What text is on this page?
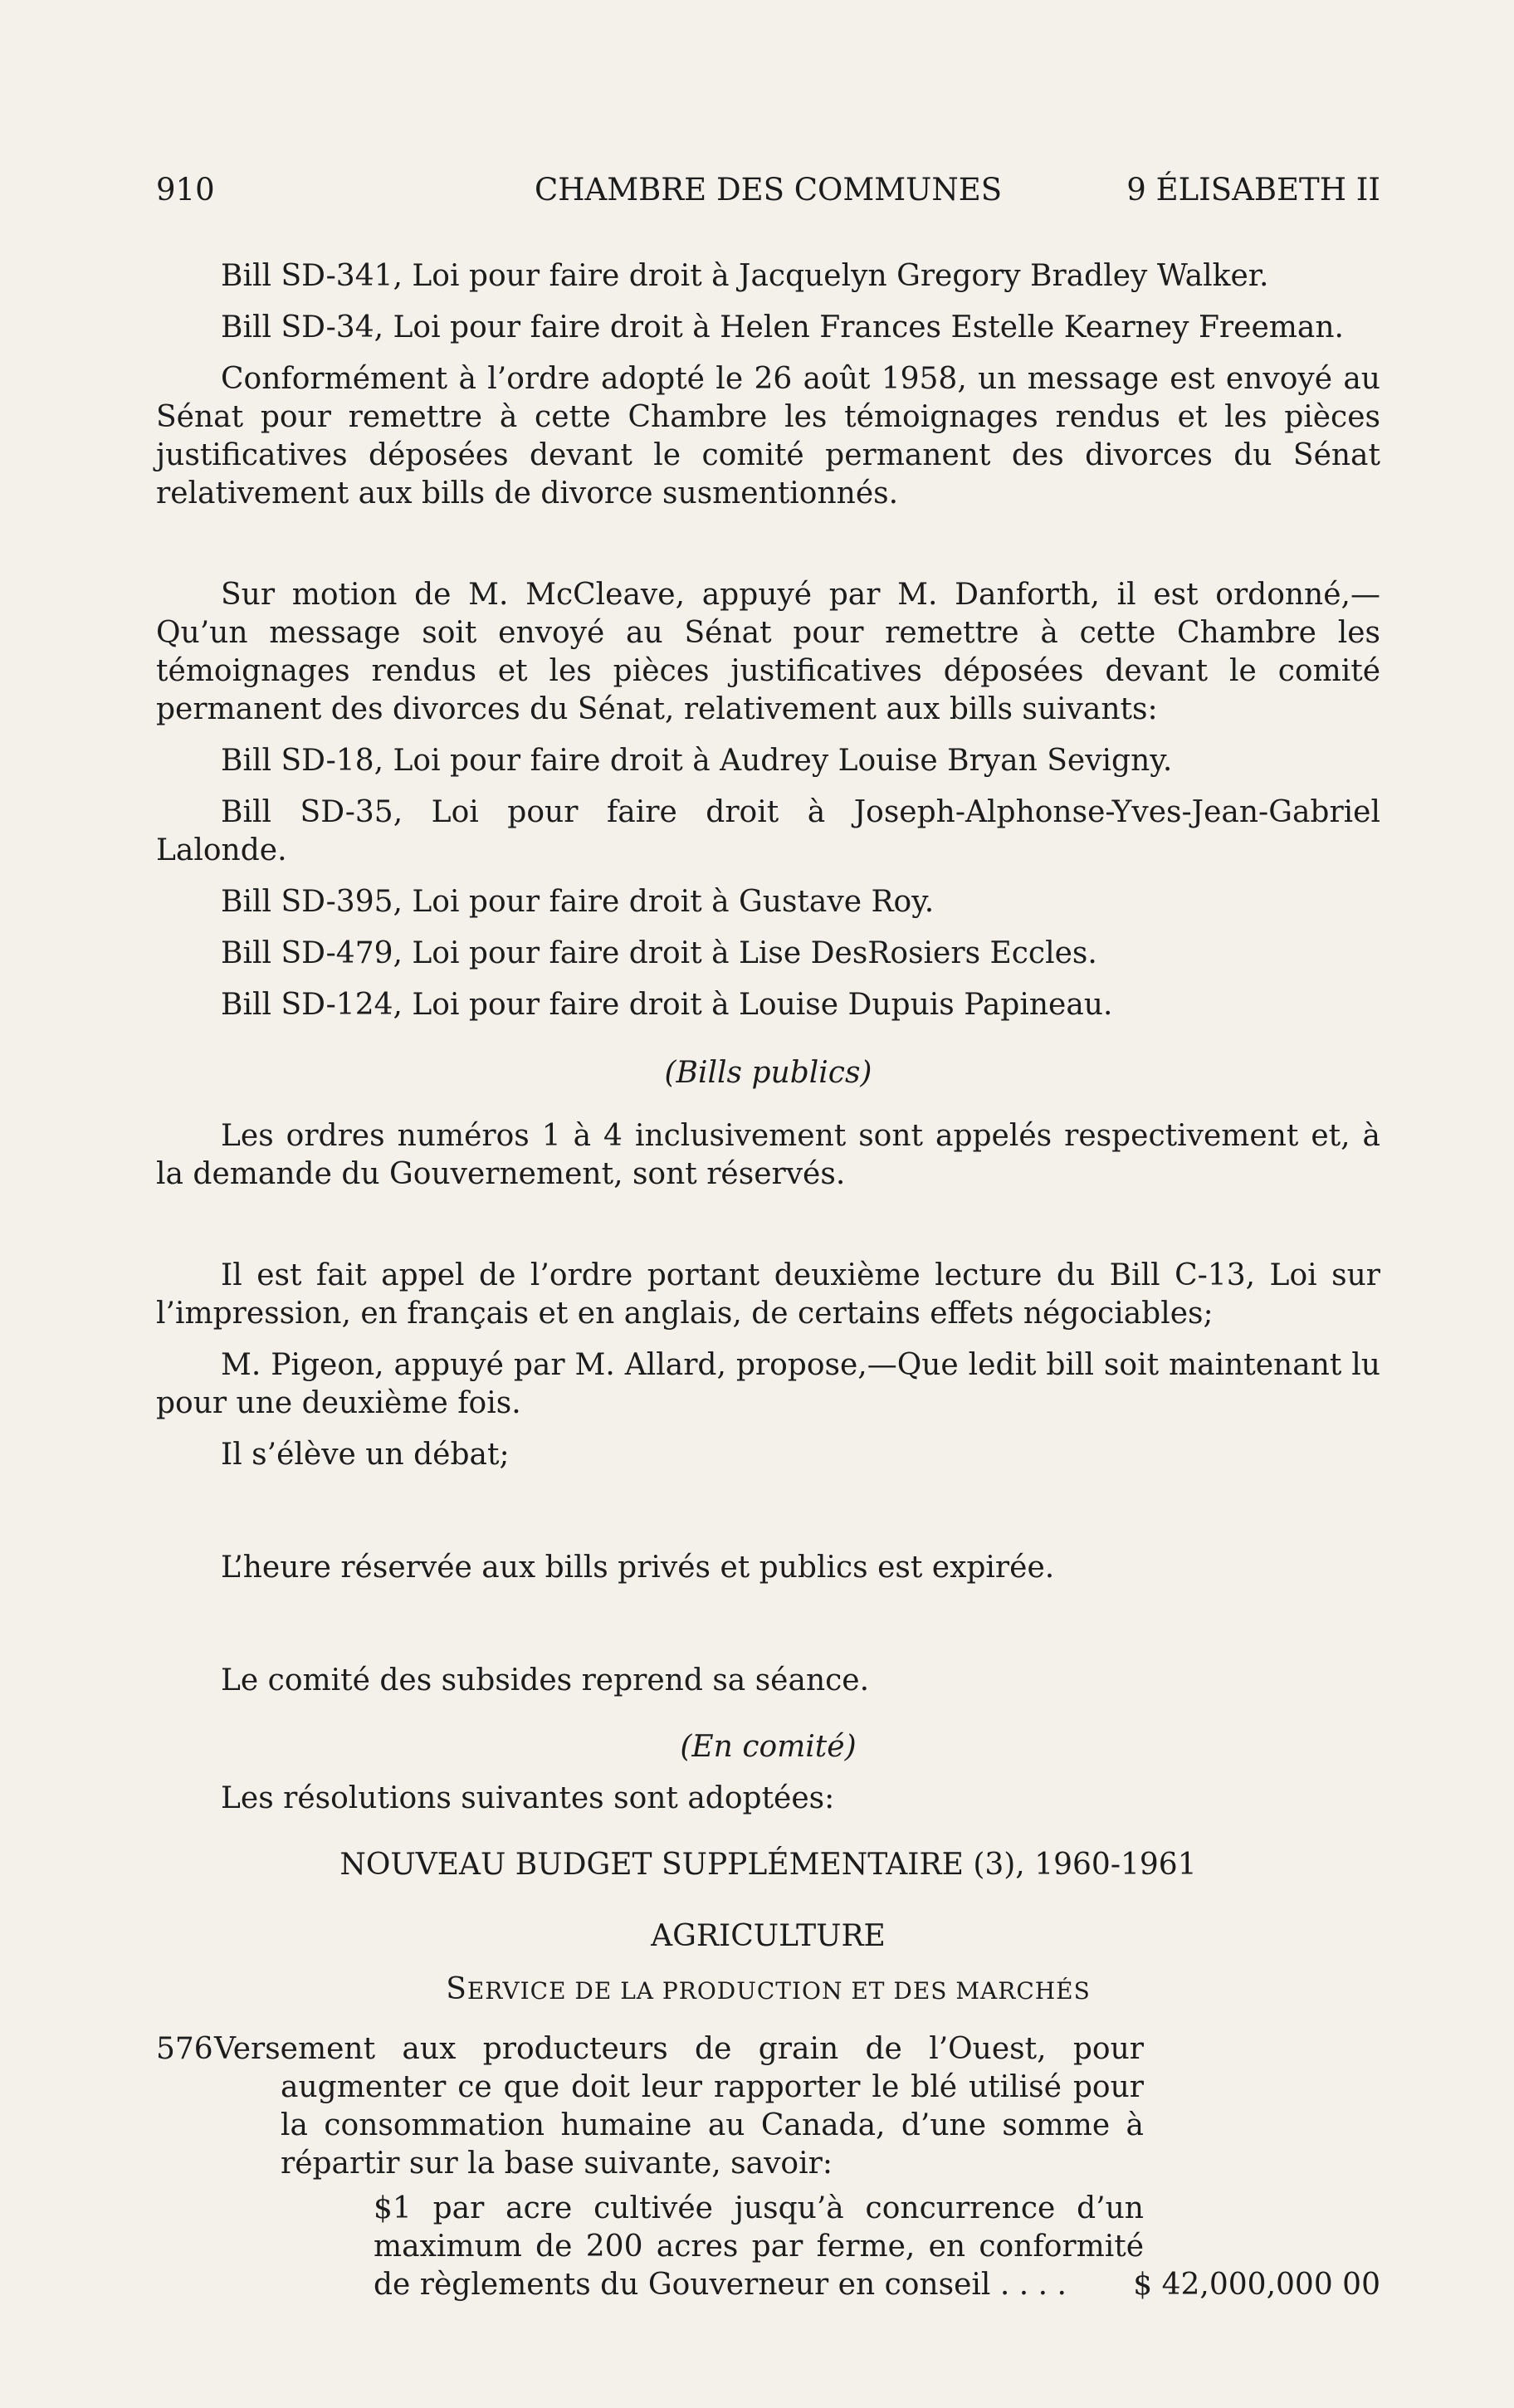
910	CHAMBRE DES COMMUNES	9 ÉLISABETH II

Bill SD-341, Loi pour faire droit à Jacquelyn Gregory Bradley Walker.

Bill SD-34, Loi pour faire droit à Helen Frances Estelle Kearney Freeman.

Conformément à l’ordre adopté le 26 août 1958, un message est envoyé au Sénat pour remettre à cette Chambre les témoignages rendus et les pièces justificatives déposées devant le comité permanent des divorces du Sénat relativement aux bills de divorce susmentionnés.

Sur motion de M. McCleave, appuyé par M. Danforth, il est ordonné,—Qu’un message soit envoyé au Sénat pour remettre à cette Chambre les témoignages rendus et les pièces justificatives déposées devant le comité permanent des divorces du Sénat, relativement aux bills suivants:

Bill SD-18, Loi pour faire droit à Audrey Louise Bryan Sevigny.

Bill SD-35, Loi pour faire droit à Joseph-Alphonse-Yves-Jean-Gabriel Lalonde.

Bill SD-395, Loi pour faire droit à Gustave Roy.

Bill SD-479, Loi pour faire droit à Lise DesRosiers Eccles.

Bill SD-124, Loi pour faire droit à Louise Dupuis Papineau.

(Bills publics)

Les ordres numéros 1 à 4 inclusivement sont appelés respectivement et, à la demande du Gouvernement, sont réservés.

Il est fait appel de l’ordre portant deuxième lecture du Bill C-13, Loi sur l’impression, en français et en anglais, de certains effets négociables;

M. Pigeon, appuyé par M. Allard, propose,—Que ledit bill soit maintenant lu pour une deuxième fois.

Il s’élève un débat;

L’heure réservée aux bills privés et publics est expirée.

Le comité des subsides reprend sa séance.

(En comité)

Les résolutions suivantes sont adoptées:

NOUVEAU BUDGET SUPPLÉMENTAIRE (3), 1960-1961

AGRICULTURE

SERVICE DE LA PRODUCTION ET DES MARCHÉS

576 Versement aux producteurs de grain de l’Ouest, pour augmenter ce que doit leur rapporter le blé utilisé pour la consommation humaine au Canada, d’une somme à répartir sur la base suivante, savoir:

$1 par acre cultivée jusqu’à concurrence d’un maximum de 200 acres par ferme, en conformité de règlements du Gouverneur en conseil . . . .	$ 42,000,000 00
